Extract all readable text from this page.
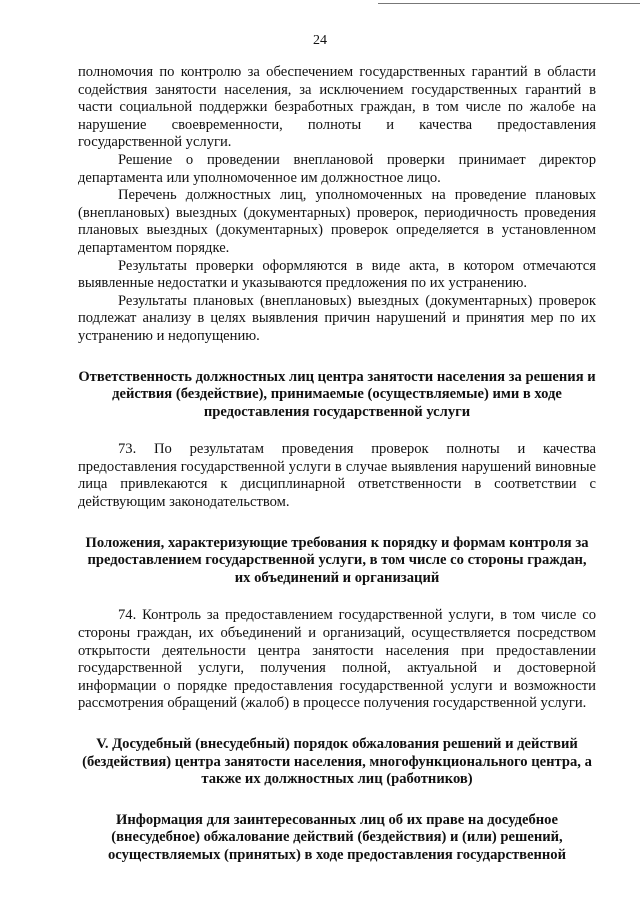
24

полномочия по контролю за обеспечением государственных гарантий в области содействия занятости населения, за исключением государственных гарантий в части социальной поддержки безработных граждан, в том числе по жалобе на нарушение своевременности, полноты и качества предоставления государственной услуги.

Решение о проведении внеплановой проверки принимает директор департамента или уполномоченное им должностное лицо.

Перечень должностных лиц, уполномоченных на проведение плановых (внеплановых) выездных (документарных) проверок, периодичность проведения плановых выездных (документарных) проверок определяется в установленном департаментом порядке.

Результаты проверки оформляются в виде акта, в котором отмечаются выявленные недостатки и указываются предложения по их устранению.

Результаты плановых (внеплановых) выездных (документарных) проверок подлежат анализу в целях выявления причин нарушений и принятия мер по их устранению и недопущению.

Ответственность должностных лиц центра занятости населения за решения и действия (бездействие), принимаемые (осуществляемые) ими в ходе предоставления государственной услуги

73. По результатам проведения проверок полноты и качества предоставления государственной услуги в случае выявления нарушений виновные лица привлекаются к дисциплинарной ответственности в соответствии с действующим законодательством.

Положения, характеризующие требования к порядку и формам контроля за предоставлением государственной услуги, в том числе со стороны граждан, их объединений и организаций

74. Контроль за предоставлением государственной услуги, в том числе со стороны граждан, их объединений и организаций, осуществляется посредством открытости деятельности центра занятости населения при предоставлении государственной услуги, получения полной, актуальной и достоверной информации о порядке предоставления государственной услуги и возможности рассмотрения обращений (жалоб) в процессе получения государственной услуги.

V. Досудебный (внесудебный) порядок обжалования решений и действий (бездействия) центра занятости населения, многофункционального центра, а также их должностных лиц (работников)
Информация для заинтересованных лиц об их праве на досудебное (внесудебное) обжалование действий (бездействия) и (или) решений, осуществляемых (принятых) в ходе предоставления государственной
